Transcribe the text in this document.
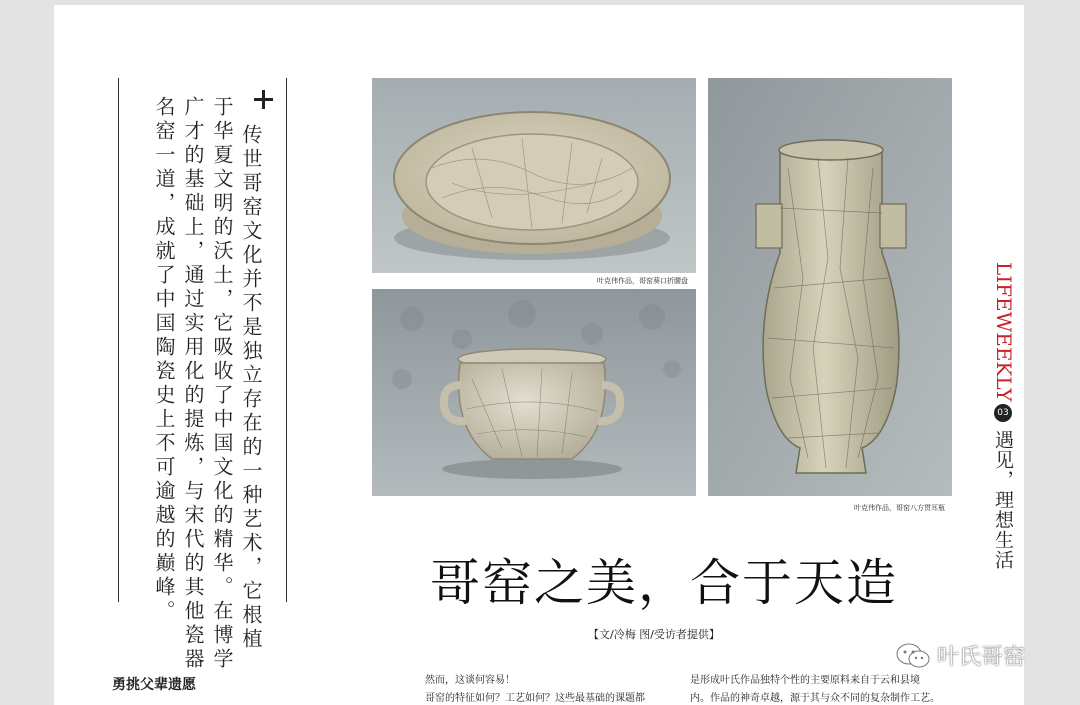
传世哥窑文化并不是独立存在的一种艺术，它根植
于华夏文明的沃土，它吸收了中国文化的精华。在博学
广才的基础上，通过实用化的提炼，与宋代的其他瓷器
名窑一道，成就了中国陶瓷史上不可逾越的巅峰。	叶克伟作品，哥窑葵口折腰盘
叶克伟作品，哥窑八方贯耳瓶
LIFEWEEKLY
03
遇见，理想生活
哥窑之美，合于天造
【文/冷梅 图/受访者提供】
勇挑父辈遗愿	然而，这谈何容易！
哥窑的特征如何？工艺如何？这些最基础的课题都
是形成叶氏作品独特个性的主要原料来自于云和县境
内。作品的神奇卓越，源于其与众不同的复杂制作工艺。
叶氏哥窑
